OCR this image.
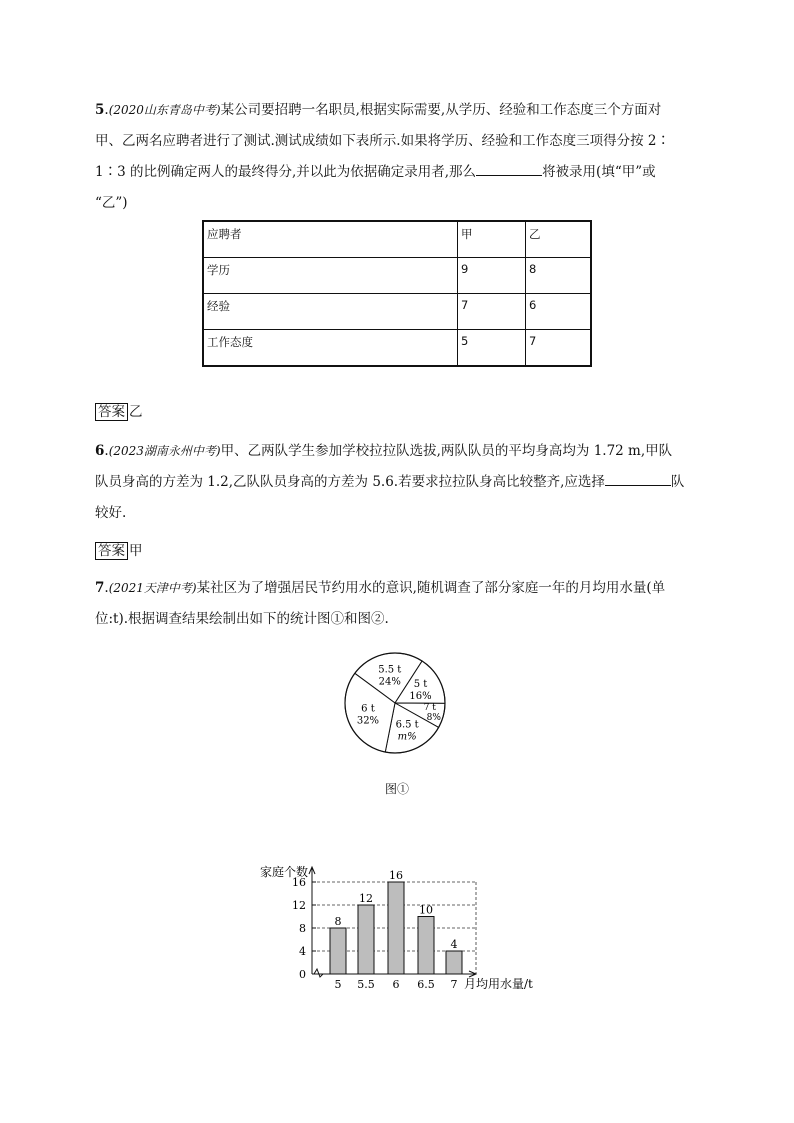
5.(2020山东青岛中考)某公司要招聘一名职员,根据实际需要,从学历、经验和工作态度三个方面对
甲、乙两名应聘者进行了测试.测试成绩如下表所示.如果将学历、经验和工作态度三项得分按 2∶
1∶3 的比例确定两人的最终得分,并以此为依据确定录用者,那么	将被录用(填“甲”或
“乙”)
应聘者	甲	乙
学历	9	8
经验	7	6
工作态度	5	7
答案 乙
6.(2023湖南永州中考)甲、乙两队学生参加学校拉拉队选拔,两队队员的平均身高均为 1.72 m,甲队
队员身高的方差为 1.2,乙队队员身高的方差为 5.6.若要求拉拉队身高比较整齐,应选择	队
较好.
答案 甲
7.(2021天津中考)某社区为了增强居民节约用水的意识,随机调查了部分家庭一年的月均用水量(单
位:t).根据调查结果绘制出如下的统计图①和图②.
5.5 t
24% 5 t
16%
7 t
8%
6.5 t
m%
6 t
32%
图①
0
4
8
12
16
8
5
12
5.5
16
6
10
6.5
4
7
家庭个数
月均用水量/t
